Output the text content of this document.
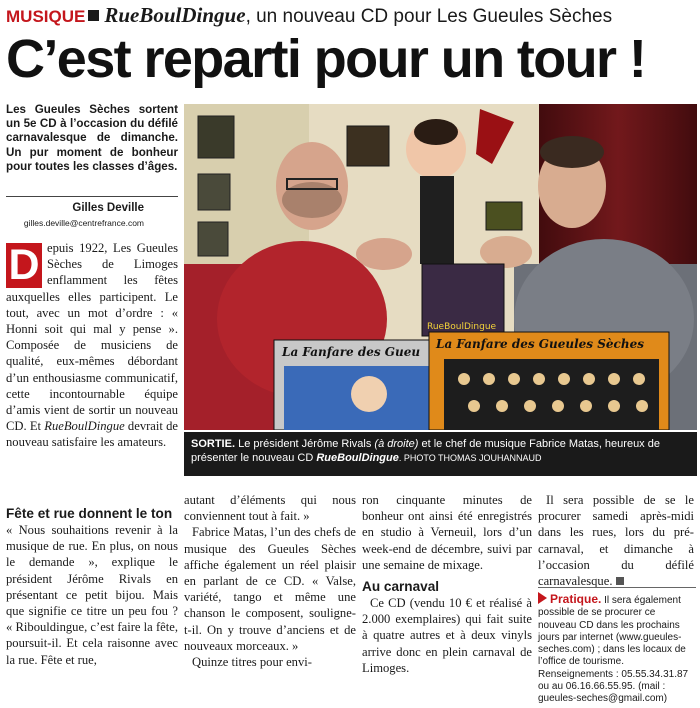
MUSIQUE RueBoulDingue, un nouveau CD pour Les Gueules Sèches
C’est reparti pour un tour !
Les Gueules Sèches sortent un 5e CD à l’occasion du défilé carnavalesque de dimanche. Un pur moment de bonheur pour toutes les classes d’âges.
Gilles Deville
gilles.deville@centrefrance.com
D epuis 1922, Les Gueules Sèches de Limoges enflamment les fêtes auxquelles elles participent. Le tout, avec un mot d’ordre : « Honni soit qui mal y pense ». Composée de musiciens de qualité, eux-mêmes débordant d’un enthousiasme communicatif, cette incontournable équipe d’amis vient de sortir un nouveau CD. Et RueBoulDingue devrait de nouveau satisfaire les amateurs.
Fête et rue donnent le ton

« Nous souhaitions revenir à la musique de rue. En plus, on nous le demande », explique le président Jérôme Rivals en présentant ce petit bijou. Mais que signifie ce titre un peu fou ? « Ribouldingue, c’est faire la fête, poursuit-il. Et cela raisonne avec la rue. Fête et rue,

RueBoulDingue
La Fanfare des Gueu
La Fanfare des Gueules Sèches
SORTIE. Le président Jérôme Rivals (à droite) et le chef de musique Fabrice Matas, heureux de présenter le nouveau CD RueBoulDingue. PHOTO THOMAS JOUHANNAUD

autant d’éléments qui nous conviennent tout à fait. »

Fabrice Matas, l’un des chefs de musique des Gueules Sèches affiche également un réel plaisir en parlant de ce CD. « Valse, variété, tango et même une chanson le composent, souligne-t-il. On y trouve d’anciens et de nouveaux morceaux. »

Quinze titres pour envi-

ron cinquante minutes de bonheur ont ainsi été enregistrés en studio à Verneuil, lors d’un week-end de décembre, suivi par une semaine de mixage.

Au carnaval

Ce CD (vendu 10 € et réalisé à 2.000 exemplaires) qui fait suite à quatre autres et à deux vinyls arrive donc en plein carnaval de Limoges.

Il sera possible de se le procurer samedi après-midi dans les rues, lors du pré-carnaval, et dimanche à l’occasion du défilé carnavalesque.

Pratique. Il sera également possible de se procurer ce nouveau CD dans les prochains jours par internet (www.gueules-seches.com) ; dans les locaux de l’office de tourisme.

Renseignements : 05.55.34.31.87 ou au 06.16.66.55.95. (mail : gueules-seches@gmail.com)
